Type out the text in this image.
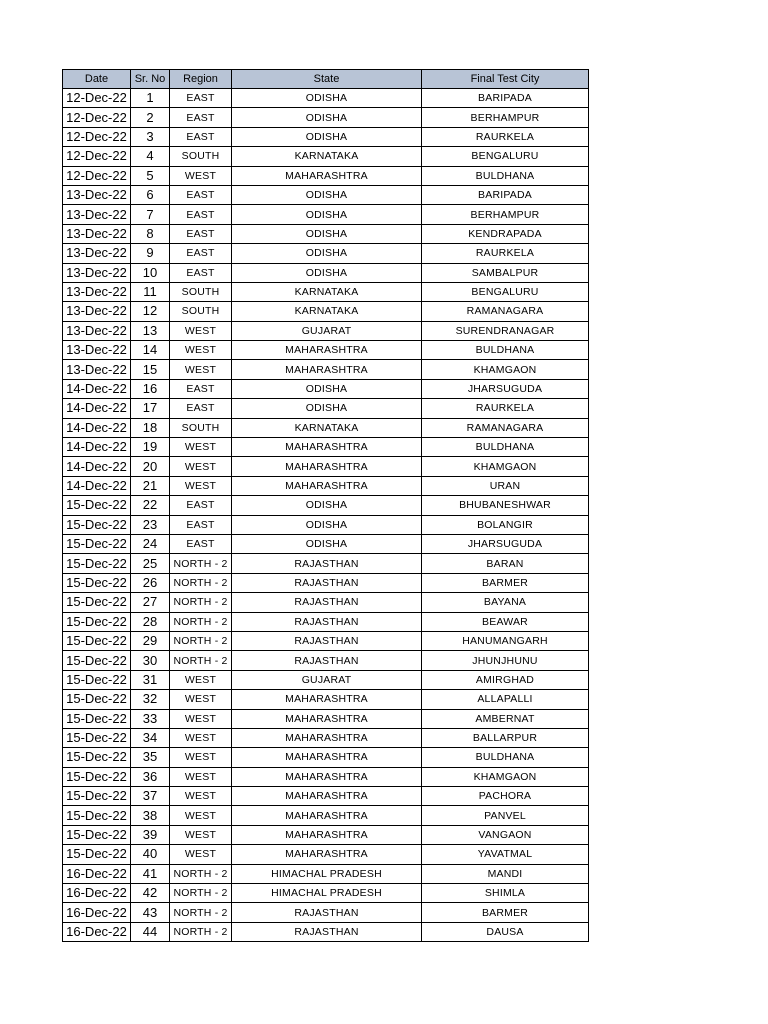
Date	Sr. No	Region	State	Final Test City
12-Dec-22	1	EAST	ODISHA	BARIPADA
12-Dec-22	2	EAST	ODISHA	BERHAMPUR
12-Dec-22	3	EAST	ODISHA	RAURKELA
12-Dec-22	4	SOUTH	KARNATAKA	BENGALURU
12-Dec-22	5	WEST	MAHARASHTRA	BULDHANA
13-Dec-22	6	EAST	ODISHA	BARIPADA
13-Dec-22	7	EAST	ODISHA	BERHAMPUR
13-Dec-22	8	EAST	ODISHA	KENDRAPADA
13-Dec-22	9	EAST	ODISHA	RAURKELA
13-Dec-22	10	EAST	ODISHA	SAMBALPUR
13-Dec-22	11	SOUTH	KARNATAKA	BENGALURU
13-Dec-22	12	SOUTH	KARNATAKA	RAMANAGARA
13-Dec-22	13	WEST	GUJARAT	SURENDRANAGAR
13-Dec-22	14	WEST	MAHARASHTRA	BULDHANA
13-Dec-22	15	WEST	MAHARASHTRA	KHAMGAON
14-Dec-22	16	EAST	ODISHA	JHARSUGUDA
14-Dec-22	17	EAST	ODISHA	RAURKELA
14-Dec-22	18	SOUTH	KARNATAKA	RAMANAGARA
14-Dec-22	19	WEST	MAHARASHTRA	BULDHANA
14-Dec-22	20	WEST	MAHARASHTRA	KHAMGAON
14-Dec-22	21	WEST	MAHARASHTRA	URAN
15-Dec-22	22	EAST	ODISHA	BHUBANESHWAR
15-Dec-22	23	EAST	ODISHA	BOLANGIR
15-Dec-22	24	EAST	ODISHA	JHARSUGUDA
15-Dec-22	25	NORTH - 2	RAJASTHAN	BARAN
15-Dec-22	26	NORTH - 2	RAJASTHAN	BARMER
15-Dec-22	27	NORTH - 2	RAJASTHAN	BAYANA
15-Dec-22	28	NORTH - 2	RAJASTHAN	BEAWAR
15-Dec-22	29	NORTH - 2	RAJASTHAN	HANUMANGARH
15-Dec-22	30	NORTH - 2	RAJASTHAN	JHUNJHUNU
15-Dec-22	31	WEST	GUJARAT	AMIRGHAD
15-Dec-22	32	WEST	MAHARASHTRA	ALLAPALLI
15-Dec-22	33	WEST	MAHARASHTRA	AMBERNAT
15-Dec-22	34	WEST	MAHARASHTRA	BALLARPUR
15-Dec-22	35	WEST	MAHARASHTRA	BULDHANA
15-Dec-22	36	WEST	MAHARASHTRA	KHAMGAON
15-Dec-22	37	WEST	MAHARASHTRA	PACHORA
15-Dec-22	38	WEST	MAHARASHTRA	PANVEL
15-Dec-22	39	WEST	MAHARASHTRA	VANGAON
15-Dec-22	40	WEST	MAHARASHTRA	YAVATMAL
16-Dec-22	41	NORTH - 2	HIMACHAL PRADESH	MANDI
16-Dec-22	42	NORTH - 2	HIMACHAL PRADESH	SHIMLA
16-Dec-22	43	NORTH - 2	RAJASTHAN	BARMER
16-Dec-22	44	NORTH - 2	RAJASTHAN	DAUSA
